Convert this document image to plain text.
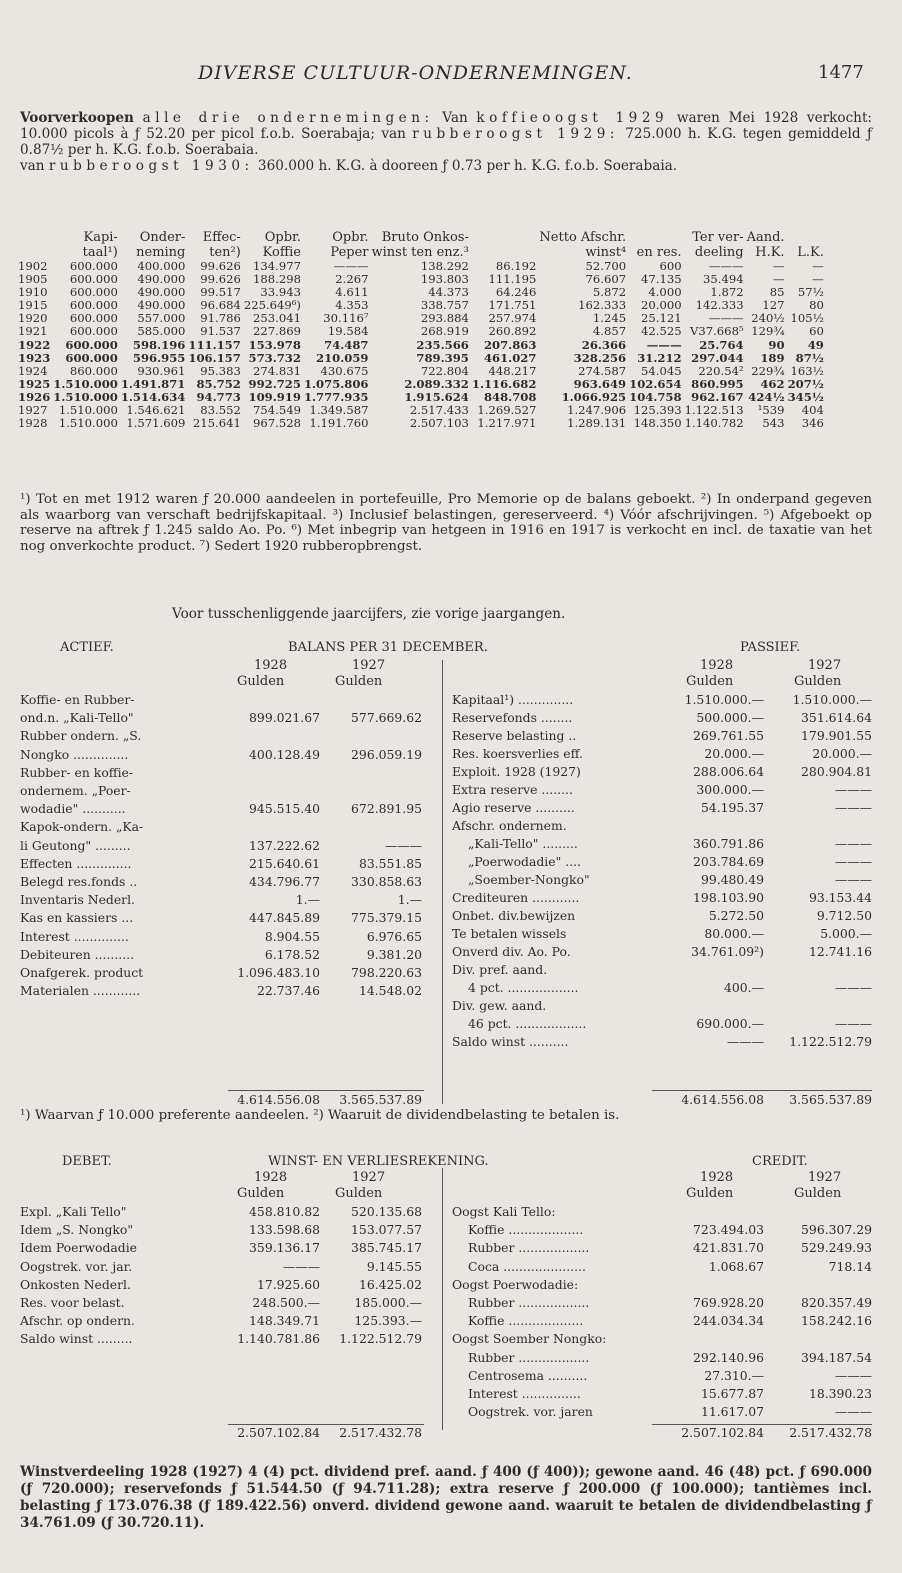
DIVERSE CULTUUR-ONDERNEMINGEN.	1477
Voorverkoopen alle drie ondernemingen: Van koffieoogst 1929 waren Mei 1928 verkocht: 10.000 picols à ƒ 52.20 per picol f.o.b. Soerabaja; van rubberoogst 1929: 725.000 h. K.G. tegen gemiddeld ƒ 0.87½ per h. K.G. f.o.b. Soerabaia.
van rubberoogst 1930: 360.000 h. K.G. à dooreen ƒ 0.73 per h. K.G. f.o.b. Soerabaia.
	Kapi-	Onder-	Effec-	Opbr.	Opbr.	Bruto Onkos-		Netto Afschr.		Ter ver-	Aand.	
	taal¹)	neming	ten²)	Koffie	Peper	winst ten enz.³		winst⁴	en res.	deeling	H.K.	L.K.
1902	600.000	400.000	99.626	134.977	———	138.292	86.192	52.700	600	———	—	—
1905	600.000	490.000	99.626	188.298	2.267	193.803	111.195	76.607	47.135	35.494	—	—
1910	600.000	490.000	99.517	33.943	4.611	44.373	64.246	5.872	4.000	1.872	85	57½
1915	600.000	490.000	96.684	225.649⁶)	4.353	338.757	171.751	162.333	20.000	142.333	127	80
1920	600.000	557.000	91.786	253.041	30.116⁷	293.884	257.974	1.245	25.121	———	240½	105½
1921	600.000	585.000	91.537	227.869	19.584	268.919	260.892	4.857	42.525	V37.668⁵	129¾	60
1922	600.000	598.196	111.157	153.978	74.487	235.566	207.863	26.366	———	25.764	90	49
1923	600.000	596.955	106.157	573.732	210.059	789.395	461.027	328.256	31.212	297.044	189	87½
1924	860.000	930.961	95.383	274.831	430.675	722.804	448.217	274.587	54.045	220.54²	229¾	163½
1925	1.510.000	1.491.871	85.752	992.725	1.075.806	2.089.332	1.116.682	963.649	102.654	860.995	462	207½
1926	1.510.000	1.514.634	94.773	109.919	1.777.935	1.915.624	848.708	1.066.925	104.758	962.167	424½	345½
1927	1.510.000	1.546.621	83.552	754.549	1.349.587	2.517.433	1.269.527	1.247.906	125.393	1.122.513	¹539	404
1928	1.510.000	1.571.609	215.641	967.528	1.191.760	2.507.103	1.217.971	1.289.131	148.350	1.140.782	543	346
¹) Tot en met 1912 waren ƒ 20.000 aandeelen in portefeuille, Pro Memorie op de balans geboekt. ²) In onderpand gegeven als waarborg van verschaft bedrijfskapitaal. ³) Inclusief belastingen, gereserveerd. ⁴) Vóór afschrijvingen. ⁵) Afgeboekt op reserve na aftrek ƒ 1.245 saldo Ao. Po. ⁶) Met inbegrip van hetgeen in 1916 en 1917 is verkocht en incl. de taxatie van het nog onverkochte product. ⁷) Sedert 1920 rubberopbrengst.
Voor tusschenliggende jaarcijfers, zie vorige jaargangen.
ACTIEF.	BALANS PER 31 DECEMBER.	PASSIEF.
1928	1927
Gulden	Gulden
1928	1927
Gulden	Gulden
Koffie- en Rubber-
ond.n. „Kali-Tello"	899.021.67	577.669.62
Rubber ondern. „S.
Nongko ..............	400.128.49	296.059.19
Rubber- en koffie-
ondernem. „Poer-
wodadie" ...........	945.515.40	672.891.95
Kapok-ondern. „Ka-
li Geutong" .........	137.222.62	———
Effecten ..............	215.640.61	83.551.85
Belegd res.fonds ..	434.796.77	330.858.63
Inventaris Nederl.	1.—	1.—
Kas en kassiers ...	447.845.89	775.379.15
Interest ..............	8.904.55	6.976.65
Debiteuren ..........	6.178.52	9.381.20
Onafgerek. product	1.096.483.10	798.220.63
Materialen ............	22.737.46	14.548.02
Kapitaal¹) ..............	1.510.000.— 1.510.000.—
Reservefonds ........	500.000.—	351.614.64
Reserve belasting ..	269.761.55	179.901.55
Res. koersverlies eff.	20.000.—	20.000.—
Exploit. 1928 (1927)	288.006.64	280.904.81
Extra reserve ........	300.000.—	———
Agio reserve ..........	54.195.37	———
Afschr. ondernem.
„Kali-Tello" .........	360.791.86	———
„Poerwodadie" ....	203.784.69	———
„Soember-Nongko"	99.480.49	———
Crediteuren ............	198.103.90	93.153.44
Onbet. div.bewijzen	5.272.50	9.712.50
Te betalen wissels	80.000.—	5.000.—
Onverd div. Ao. Po.	34.761.09²)	12.741.16
Div. pref. aand.
4 pct. ..................	400.—	———
Div. gew. aand.
46 pct. ..................	690.000.—	———
Saldo winst ..........	——— 1.122.512.79
4.614.556.08 3.565.537.89	4.614.556.08 3.565.537.89
¹) Waarvan ƒ 10.000 preferente aandeelen. ²) Waaruit de dividendbelasting te betalen is.
DEBET.	WINST- EN VERLIESREKENING.	CREDIT.
1928	1927
Gulden	Gulden
1928	1927
Gulden	Gulden
Expl. „Kali Tello"	458.810.82	520.135.68
Idem „S. Nongko"	133.598.68	153.077.57
Idem Poerwodadie	359.136.17	385.745.17
Oogstrek. vor. jar.	———	9.145.55
Onkosten Nederl.	17.925.60	16.425.02
Res. voor belast.	248.500.—	185.000.—
Afschr. op ondern.	148.349.71	125.393.—
Saldo winst .........	1.140.781.86 1.122.512.79
Oogst Kali Tello:
Koffie ...................	723.494.03	596.307.29
Rubber ..................	421.831.70	529.249.93
Coca .....................	1.068.67	718.14
Oogst Poerwodadie:
Rubber ..................	769.928.20	820.357.49
Koffie ...................	244.034.34	158.242.16
Oogst Soember Nongko:
Rubber ..................	292.140.96	394.187.54
Centrosema ..........	27.310.—	———
Interest ...............	15.677.87	18.390.23
Oogstrek. vor. jaren	11.617.07	———
2.507.102.84 2.517.432.78	2.507.102.84 2.517.432.78
Winstverdeeling 1928 (1927) 4 (4) pct. dividend pref. aand. ƒ 400 (ƒ 400)); gewone aand. 46 (48) pct. ƒ 690.000 (ƒ 720.000); reservefonds ƒ 51.544.50 (ƒ 94.711.28); extra reserve ƒ 200.000 (ƒ 100.000); tantièmes incl. belasting ƒ 173.076.38 (ƒ 189.422.56) onverd. dividend gewone aand. waaruit te betalen de dividendbelasting ƒ 34.761.09 (ƒ 30.720.11).
